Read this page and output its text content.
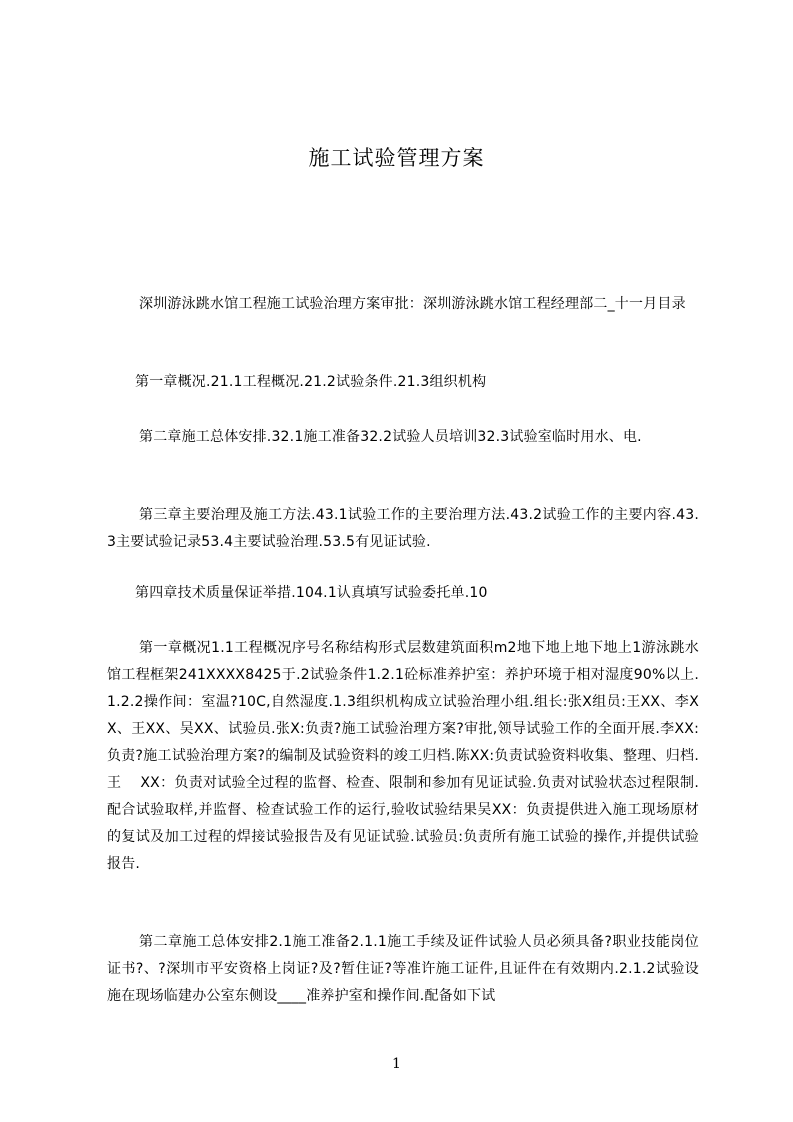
施工试验管理方案

深圳游泳跳水馆工程施工试验治理方案审批：深圳游泳跳水馆工程经理部二_十一月目录

第一章概况.21.1工程概况.21.2试验条件.21.3组织机构

第二章施工总体安排.32.1施工准备32.2试验人员培训32.3试验室临时用水、电.

第三章主要治理及施工方法.43.1试验工作的主要治理方法.43.2试验工作的主要内容.43.3主要试验记录53.4主要试验治理.53.5有见证试验.

第四章技术质量保证举措.104.1认真填写试验委托单.10

第一章概况1.1工程概况序号名称结构形式层数建筑面积m2地下地上地下地上1游泳跳水馆工程框架241XXXX8425于.2试验条件1.2.1砼标准养护室：养护环境于相对湿度90%以上.1.2.2操作间：室温?10C,自然湿度.1.3组织机构成立试验治理小组.组长:张X组员:王XX、李XX、王XX、吴XX、试验员.张X:负责?施工试验治理方案?审批,领导试验工作的全面开展.李XX:负责?施工试验治理方案?的编制及试验资料的竣工归档.陈XX:负责试验资料收集、整理、归档.王　 XX：负责对试验全过程的监督、检查、限制和参加有见证试验.负责对试验状态过程限制.配合试验取样,并监督、检查试验工作的运行,验收试验结果吴XX：负责提供进入施工现场原材的复试及加工过程的焊接试验报告及有见证试验.试验员:负责所有施工试验的操作,并提供试验报告.

第二章施工总体安排2.1施工准备2.1.1施工手续及证件试验人员必须具备?职业技能岗位证书?、?深圳市平安资格上岗证?及?暂住证?等准许施工证件,且证件在有效期内.2.1.2试验设施在现场临建办公室东侧设____准养护室和操作间.配备如下试

1
